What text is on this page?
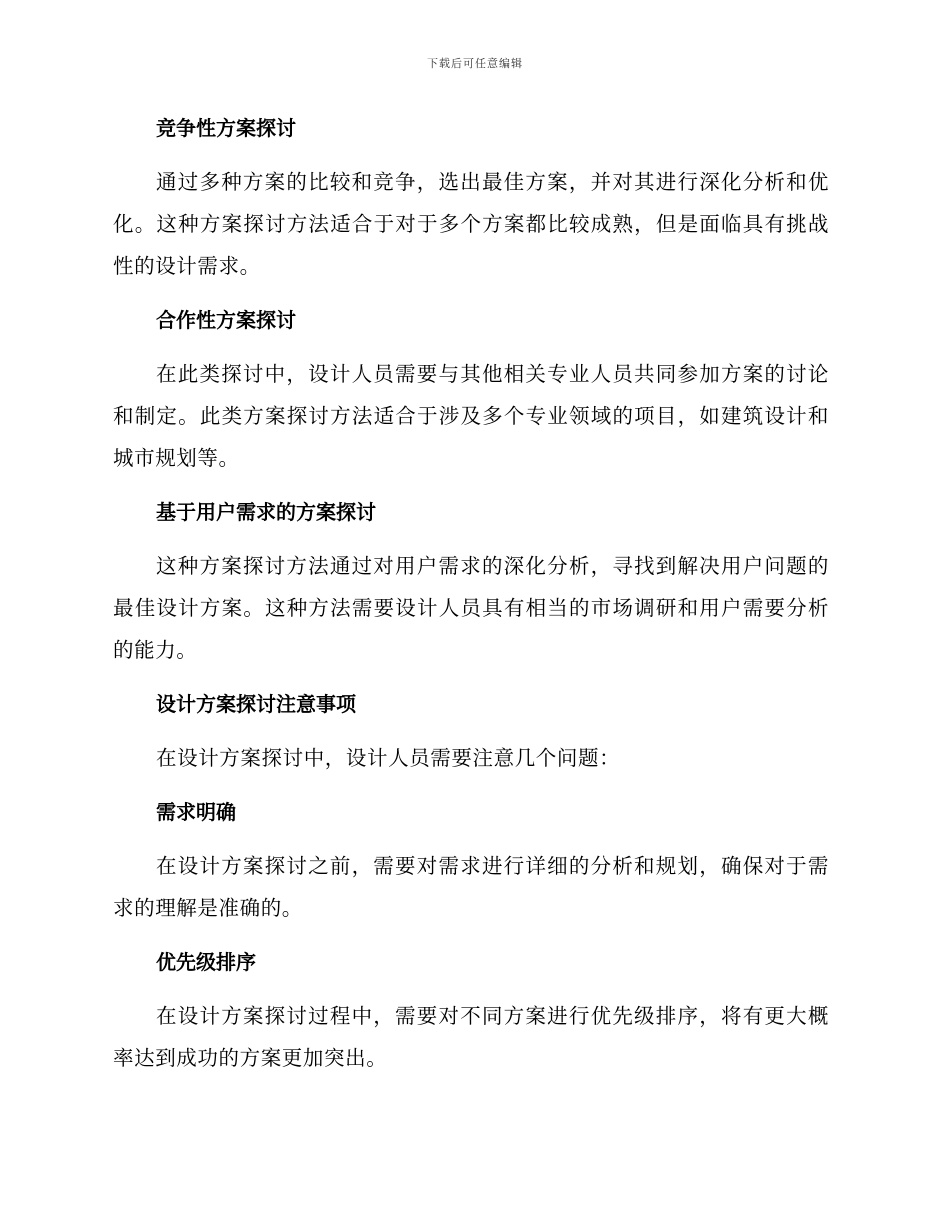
下载后可任意编辑
竞争性方案探讨

通过多种方案的比较和竞争，选出最佳方案，并对其进行深化分析和优化。这种方案探讨方法适合于对于多个方案都比较成熟，但是面临具有挑战性的设计需求。

合作性方案探讨

在此类探讨中，设计人员需要与其他相关专业人员共同参加方案的讨论和制定。此类方案探讨方法适合于涉及多个专业领域的项目，如建筑设计和城市规划等。

基于用户需求的方案探讨

这种方案探讨方法通过对用户需求的深化分析，寻找到解决用户问题的最佳设计方案。这种方法需要设计人员具有相当的市场调研和用户需要分析的能力。

设计方案探讨注意事项

在设计方案探讨中，设计人员需要注意几个问题：

需求明确

在设计方案探讨之前，需要对需求进行详细的分析和规划，确保对于需求的理解是准确的。

优先级排序

在设计方案探讨过程中，需要对不同方案进行优先级排序，将有更大概率达到成功的方案更加突出。
